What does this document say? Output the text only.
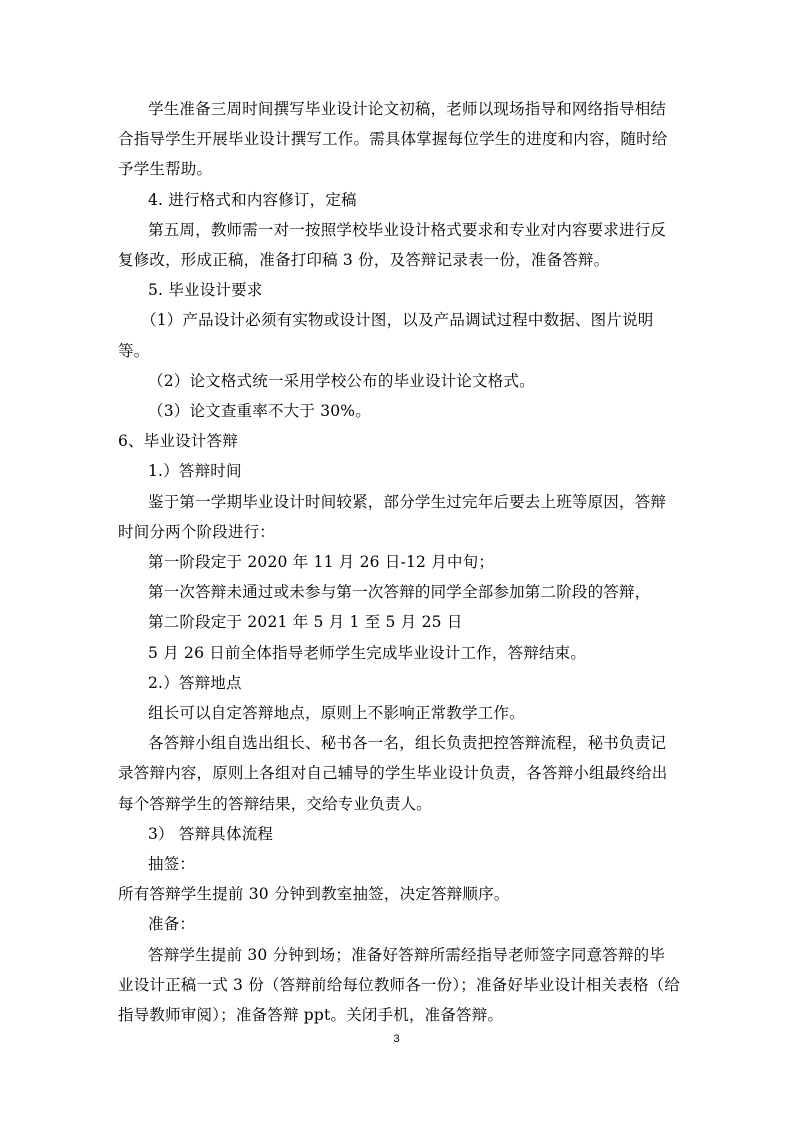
学生准备三周时间撰写毕业设计论文初稿，老师以现场指导和网络指导相结
合指导学生开展毕业设计撰写工作。需具体掌握每位学生的进度和内容，随时给
予学生帮助。
4. 进行格式和内容修订，定稿
第五周，教师需一对一按照学校毕业设计格式要求和专业对内容要求进行反
复修改，形成正稿，准备打印稿 3 份，及答辩记录表一份，准备答辩。
5. 毕业设计要求
（1）产品设计必须有实物或设计图，以及产品调试过程中数据、图片说明
等。
（2）论文格式统一采用学校公布的毕业设计论文格式。
（3）论文查重率不大于 30%。
6、毕业设计答辩
1.）答辩时间
鉴于第一学期毕业设计时间较紧，部分学生过完年后要去上班等原因，答辩
时间分两个阶段进行：
第一阶段定于 2020 年 11 月 26 日-12 月中旬；
第一次答辩未通过或未参与第一次答辩的同学全部参加第二阶段的答辩，
第二阶段定于 2021 年 5 月 1 至 5 月 25 日
5 月 26 日前全体指导老师学生完成毕业设计工作，答辩结束。
2.）答辩地点
组长可以自定答辩地点，原则上不影响正常教学工作。
各答辩小组自选出组长、秘书各一名，组长负责把控答辩流程，秘书负责记
录答辩内容，原则上各组对自己辅导的学生毕业设计负责，各答辩小组最终给出
每个答辩学生的答辩结果，交给专业负责人。
3） 答辩具体流程
抽签：
所有答辩学生提前 30 分钟到教室抽签，决定答辩顺序。
准备：
答辩学生提前 30 分钟到场；准备好答辩所需经指导老师签字同意答辩的毕
业设计正稿一式 3 份（答辩前给每位教师各一份）；准备好毕业设计相关表格（给
指导教师审阅）；准备答辩 ppt。关闭手机，准备答辩。
3
